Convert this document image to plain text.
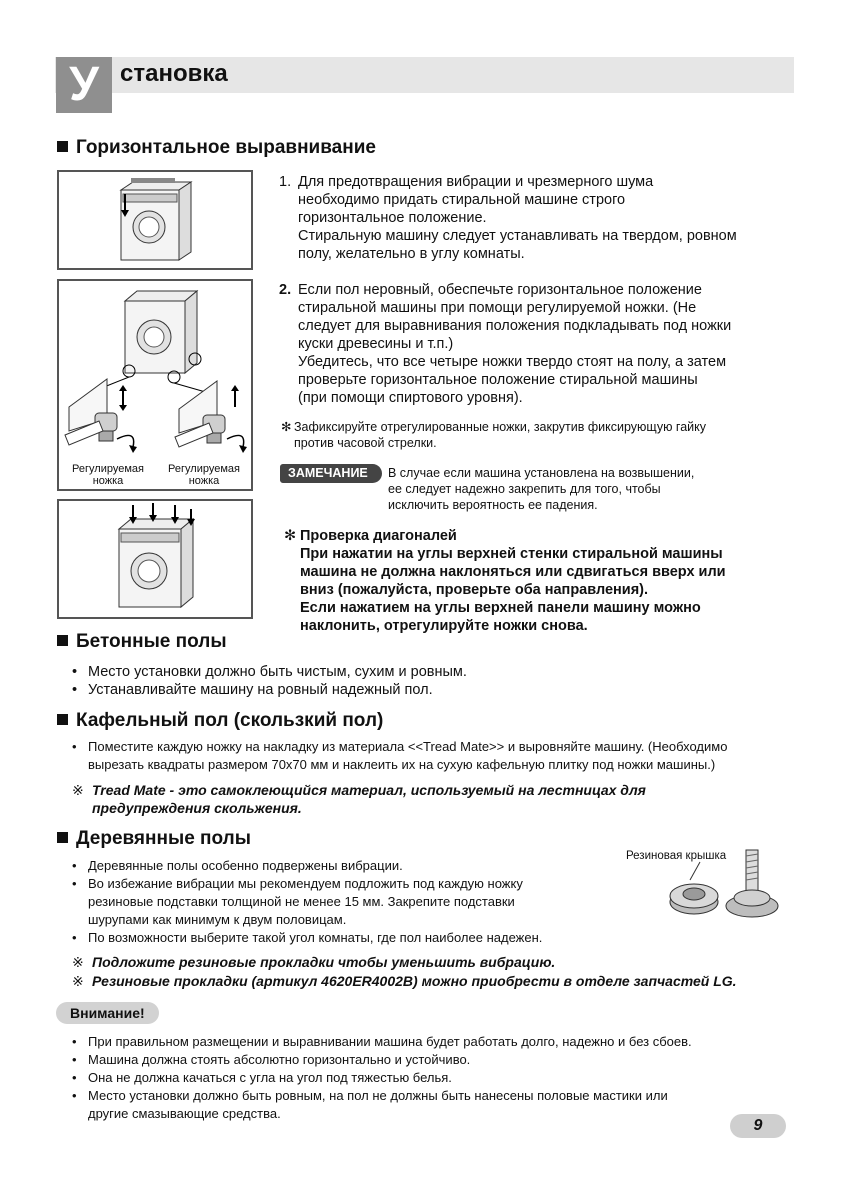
У становка
Горизонтальное выравнивание
Регулируемая
ножка
Регулируемая
ножка
1. Для предотвращения вибрации и чрезмерного шума
необходимо придать стиральной машине строго
горизонтальное положение.
Стиральную машину следует устанавливать на твердом, ровном
полу, желательно в углу комнаты.
2. Если пол неровный, обеспечьте горизонтальное положение
стиральной машины при помощи регулируемой ножки. (Не
следует для выравнивания положения подкладывать под ножки
куски древесины и т.п.)
Убедитесь, что все четыре ножки твердо стоят на полу, а затем
проверьте горизонтальное положение стиральной машины
(при помощи спиртового уровня).
✻ Зафиксируйте отрегулированные ножки, закрутив фиксирующую гайку
против часовой стрелки.
ЗАМЕЧАНИЕ	В случае если машина установлена на возвышении,
ее следует надежно закрепить для того, чтобы
исключить вероятность ее падения.
✻ Проверка диагоналей
При нажатии на углы верхней стенки стиральной машины
машина не должна наклоняться или сдвигаться вверх или
вниз (пожалуйста, проверьте оба направления).
Если нажатием на углы верхней панели машину можно
наклонить, отрегулируйте ножки снова.
Бетонные полы
• Место установки должно быть чистым, сухим и ровным.
• Устанавливайте машину на ровный надежный пол.
Кафельный пол (скользкий пол)
• Поместите каждую ножку на накладку из материала <<Tread Mate>> и выровняйте машину. (Необходимо
вырезать квадраты размером 70x70 мм и наклеить их на сухую кафельную плитку под ножки машины.)
※ Tread Mate - это самоклеющийся материал, используемый на лестницах для
предупреждения скольжения.
Деревянные полы
Резиновая крышка
• Деревянные полы особенно подвержены вибрации.
• Во избежание вибрации мы рекомендуем подложить под каждую ножку
резиновые подставки толщиной не менее 15 мм. Закрепите подставки
шурупами как минимум к двум половицам.
• По возможности выберите такой угол комнаты, где пол наиболее надежен.
※ Подложите резиновые прокладки чтобы уменьшить вибрацию.
※ Резиновые прокладки (артикул 4620ER4002B) можно приобрести в отделе запчастей LG.
Внимание!
• При правильном размещении и выравнивании машина будет работать долго, надежно и без сбоев.
• Машина должна стоять абсолютно горизонтально и устойчиво.
• Она не должна качаться с угла на угол под тяжестью белья.
• Место установки должно быть ровным, на пол не должны быть нанесены половые мастики или
другие смазывающие средства.
9
